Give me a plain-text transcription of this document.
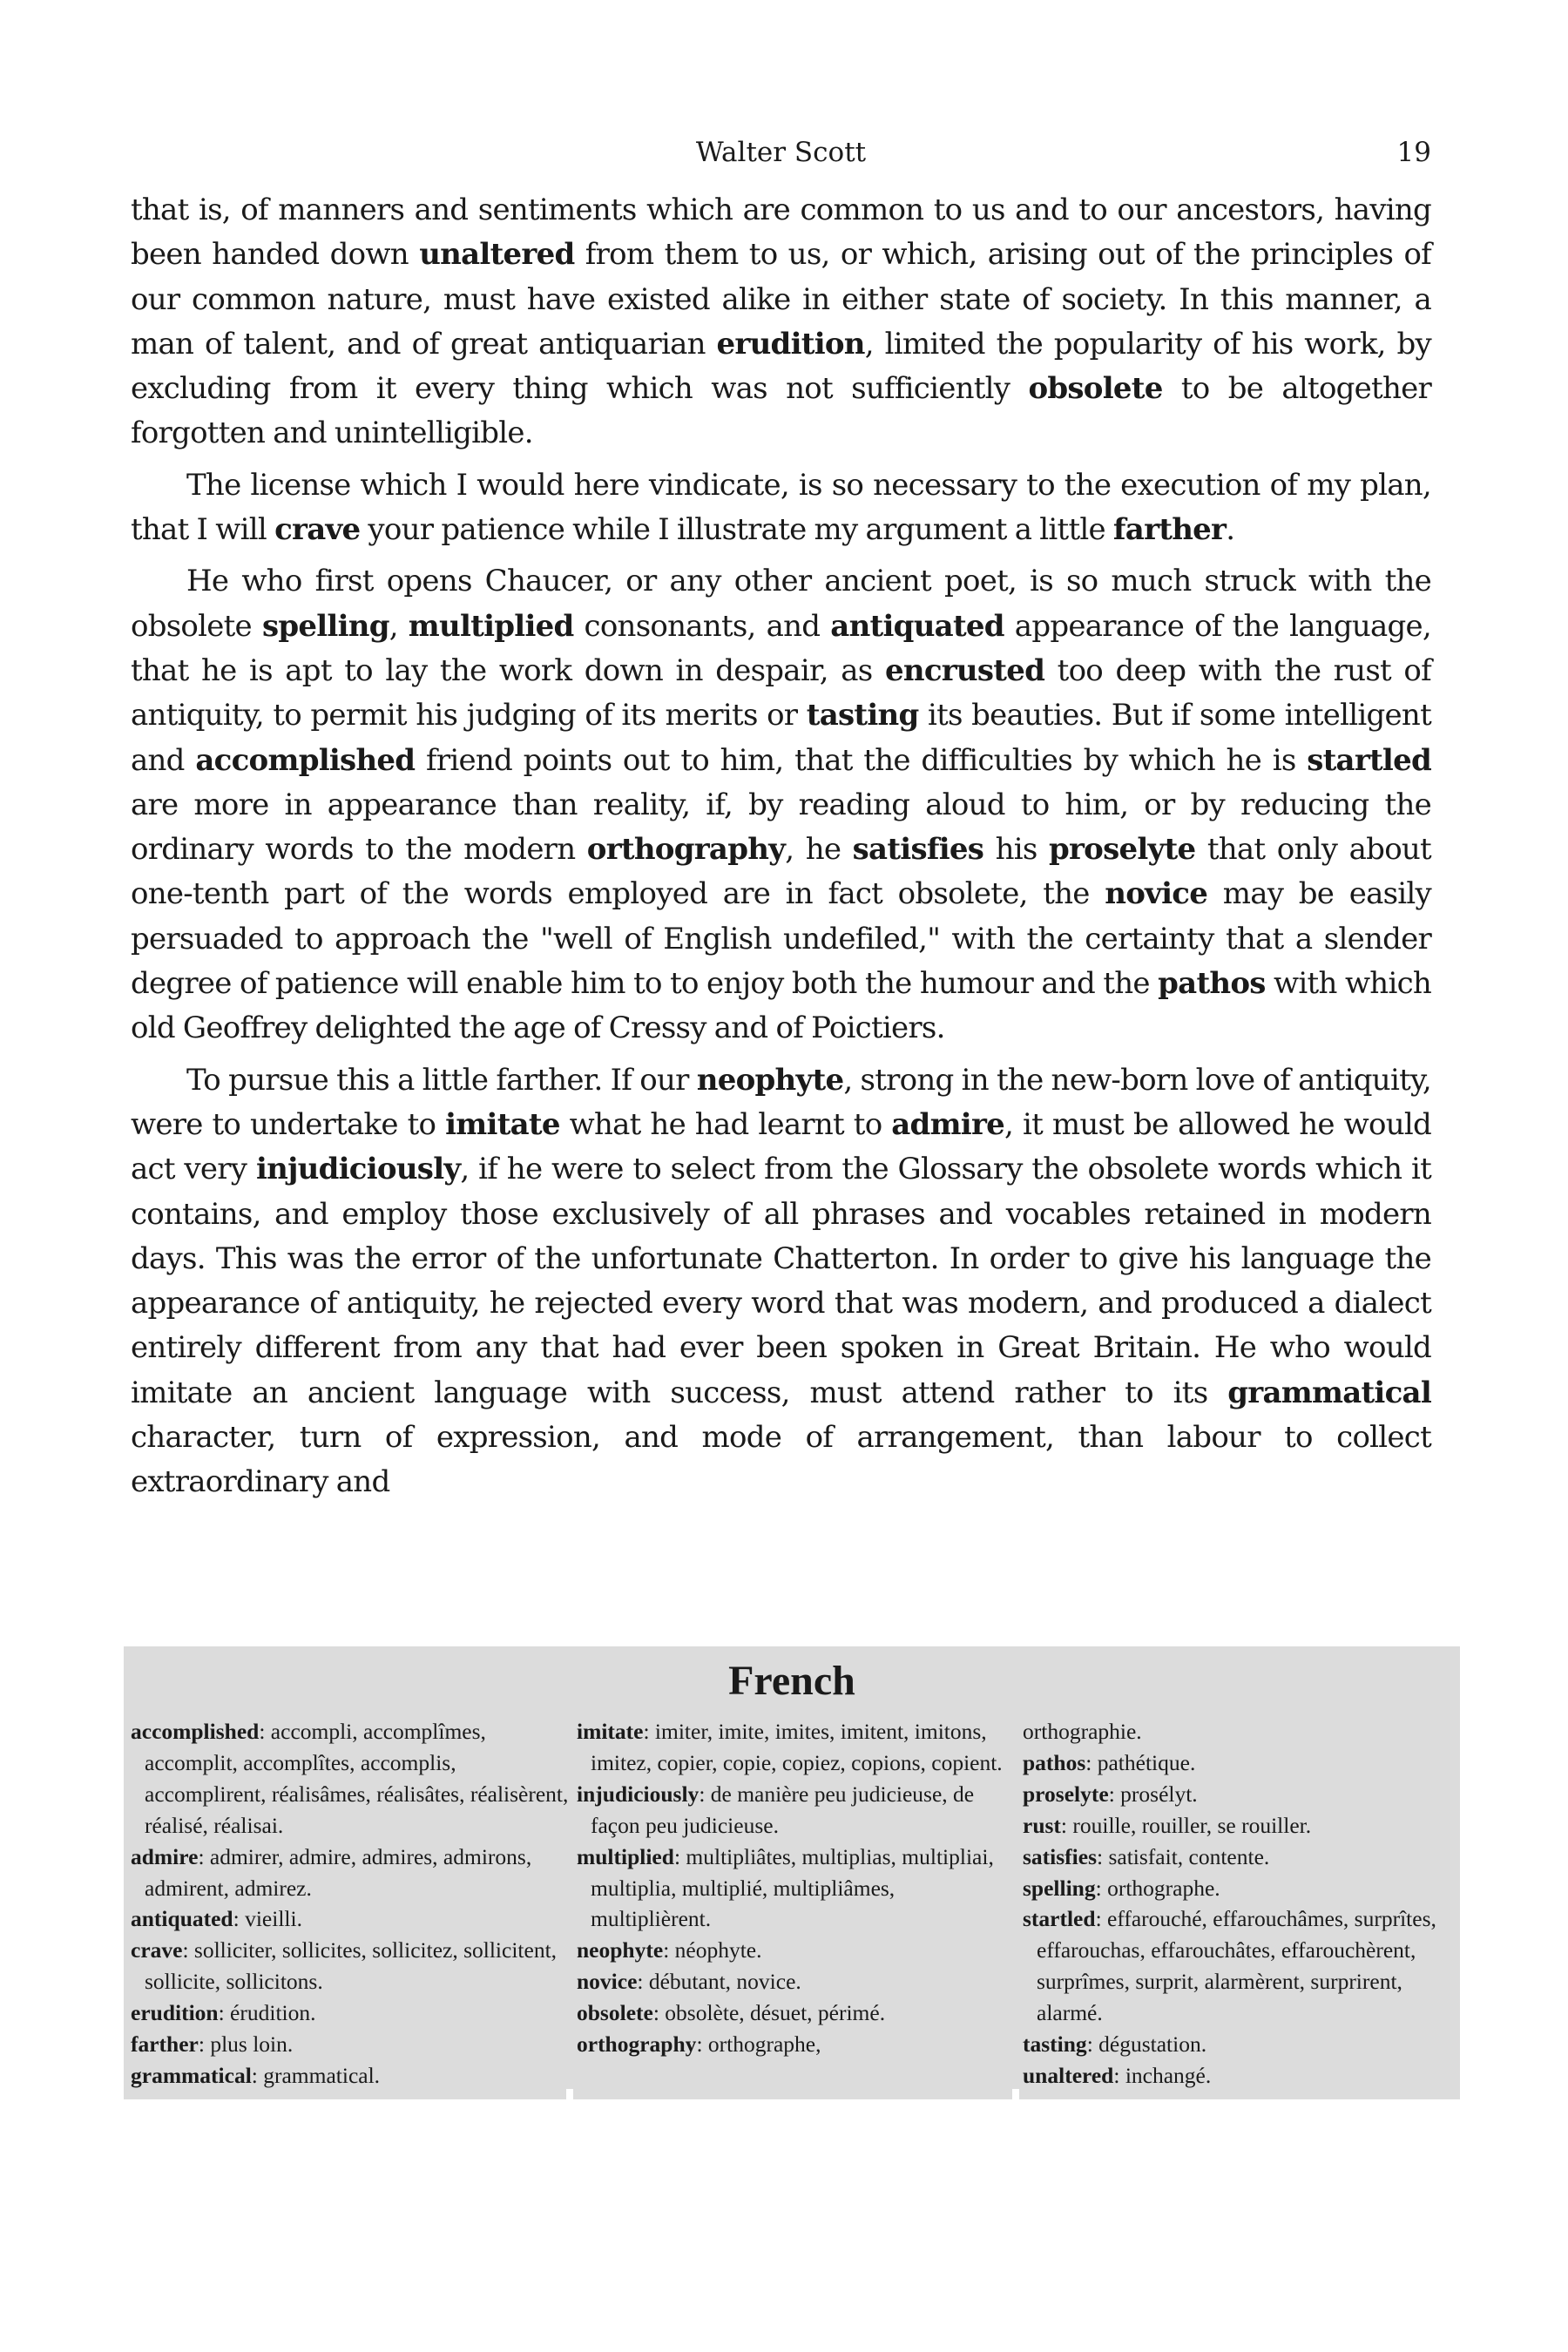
Walter Scott	19

that is, of manners and sentiments which are common to us and to our ancestors, having been handed down unaltered from them to us, or which, arising out of the principles of our common nature, must have existed alike in either state of society. In this manner, a man of talent, and of great antiquarian erudition, limited the popularity of his work, by excluding from it every thing which was not sufficiently obsolete to be altogether forgotten and unintelligible.

The license which I would here vindicate, is so necessary to the execution of my plan, that I will crave your patience while I illustrate my argument a little farther.

He who first opens Chaucer, or any other ancient poet, is so much struck with the obsolete spelling, multiplied consonants, and antiquated appearance of the language, that he is apt to lay the work down in despair, as encrusted too deep with the rust of antiquity, to permit his judging of its merits or tasting its beauties. But if some intelligent and accomplished friend points out to him, that the difficulties by which he is startled are more in appearance than reality, if, by reading aloud to him, or by reducing the ordinary words to the modern orthography, he satisfies his proselyte that only about one-tenth part of the words employed are in fact obsolete, the novice may be easily persuaded to approach the "well of English undefiled," with the certainty that a slender degree of patience will enable him to to enjoy both the humour and the pathos with which old Geoffrey delighted the age of Cressy and of Poictiers.

To pursue this a little farther. If our neophyte, strong in the new-born love of antiquity, were to undertake to imitate what he had learnt to admire, it must be allowed he would act very injudiciously, if he were to select from the Glossary the obsolete words which it contains, and employ those exclusively of all phrases and vocables retained in modern days. This was the error of the unfortunate Chatterton. In order to give his language the appearance of antiquity, he rejected every word that was modern, and produced a dialect entirely different from any that had ever been spoken in Great Britain. He who would imitate an ancient language with success, must attend rather to its grammatical character, turn of expression, and mode of arrangement, than labour to collect extraordinary and

French
accomplished: accompli, accomplîmes, accomplit, accomplîtes, accomplis, accomplirent, réalisâmes, réalisâtes, réalisèrent, réalisé, réalisai.
admire: admirer, admire, admires, admirons, admirent, admirez.
antiquated: vieilli.
crave: solliciter, sollicites, sollicitez, sollicitent, sollicite, sollicitons.
erudition: érudition.
farther: plus loin.
grammatical: grammatical.
imitate: imiter, imite, imites, imitent, imitons, imitez, copier, copie, copiez, copions, copient.
injudiciously: de manière peu judicieuse, de façon peu judicieuse.
multiplied: multipliâtes, multiplias, multipliai, multiplia, multiplié, multipliâmes, multiplièrent.
neophyte: néophyte.
novice: débutant, novice.
obsolete: obsolète, désuet, périmé.
orthography: orthographe,
orthographie.
pathos: pathétique.
proselyte: prosélyt.
rust: rouille, rouiller, se rouiller.
satisfies: satisfait, contente.
spelling: orthographe.
startled: effarouché, effarouchâmes, surprîtes, effarouchas, effarouchâtes, effarouchèrent, surprîmes, surprit, alarmèrent, surprirent, alarmé.
tasting: dégustation.
unaltered: inchangé.
